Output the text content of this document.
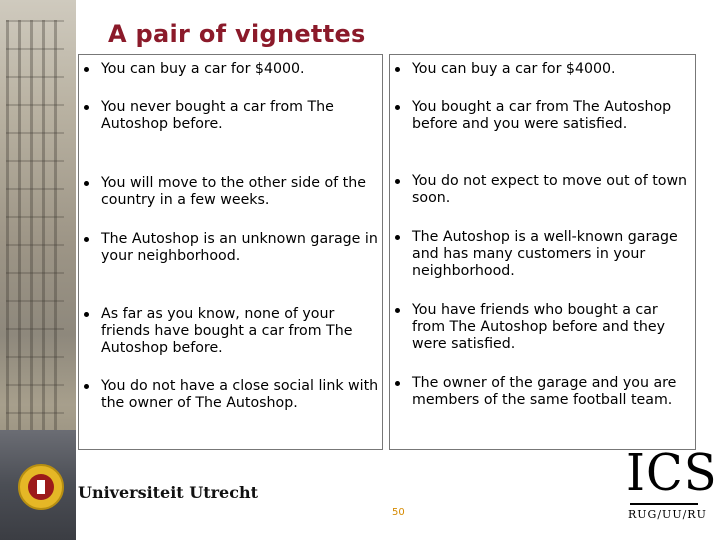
A pair of vignettes
You can buy a car for $4000.
You never bought a car from The Autoshop before.
You will move to the other side of the country in a few weeks.
The Autoshop is an unknown garage in your neighborhood.
As far as you know, none of your friends have bought a car from The Autoshop before.
You do not have a close social link with the owner of The Autoshop.
You can buy a car for $4000.
You bought a car from The Autoshop before and you were satisfied.
You do not expect to move out of town soon.
The Autoshop is a well-known garage and has many customers in your neighborhood.
You have friends who bought a car from The Autoshop before and they were satisfied.
The owner of the garage and you are members of the same football team.
Universiteit Utrecht
50
ICS
RUG/UU/RU
